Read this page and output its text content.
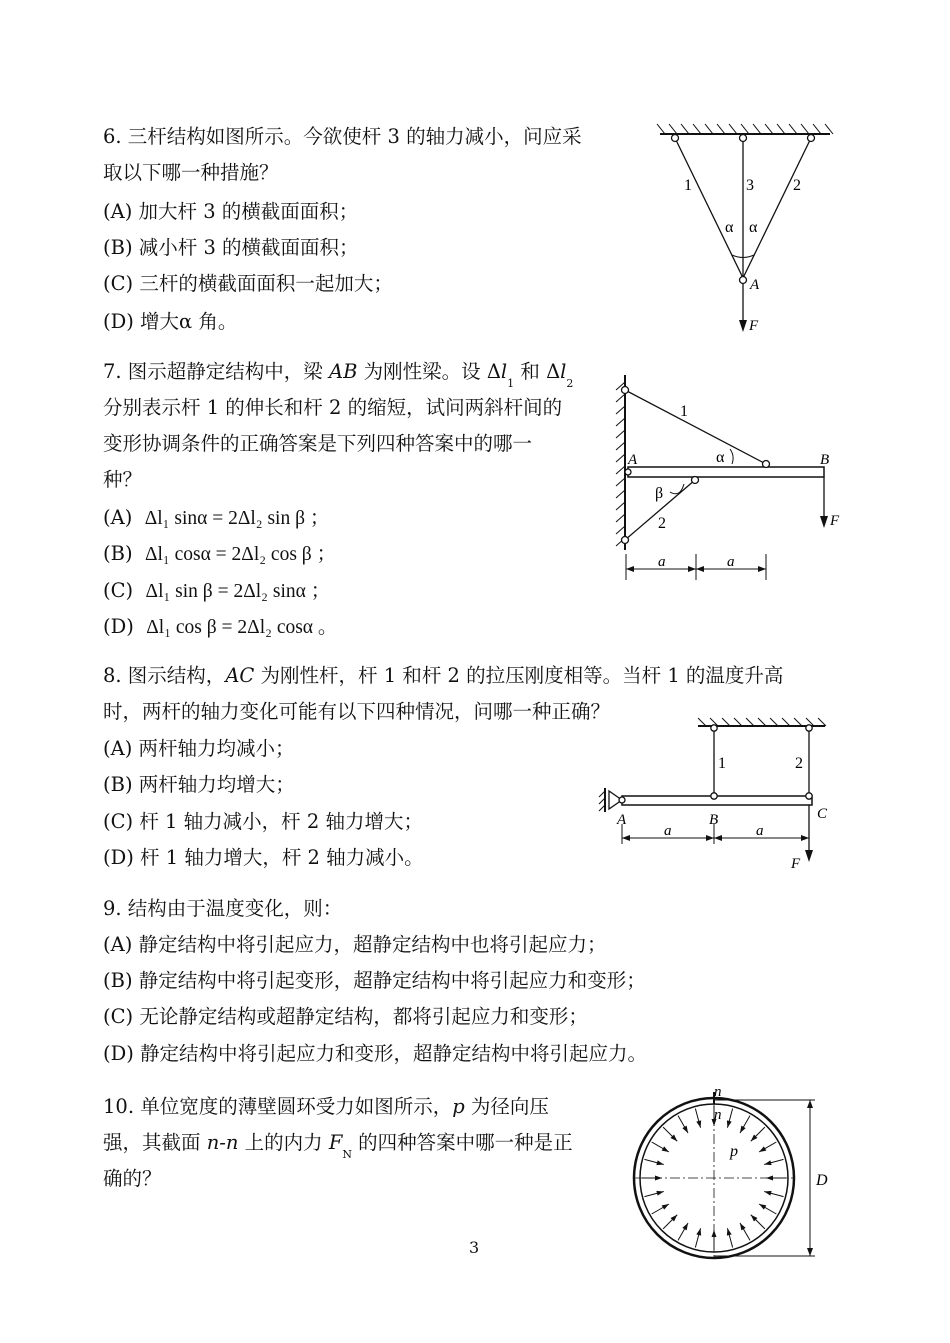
6. 三杆结构如图所示。今欲使杆 3 的轴力减小，问应采
取以下哪一种措施？
(A) 加大杆 3 的横截面面积；
(B) 减小杆 3 的横截面面积；
(C) 三杆的横截面面积一起加大；
(D) 增大α 角。
1	3 2
α α
A
F
7. 图示超静定结构中，梁 AB 为刚性梁。设 $\Delta l_1$ 和 $\Delta l_2$
分别表示杆 1 的伸长和杆 2 的缩短，试问两斜杆间的
变形协调条件的正确答案是下列四种答案中的哪一
种？
(A) Δl₁ sinα = 2Δl₂ sin β ；
(B) Δl₁ cosα = 2Δl₂ cos β ；
(C) Δl₁ sin β = 2Δl₂ sinα ；
(D) Δl₁ cos β = 2Δl₂ cosα 。
1
2
α
β
A	B
F
a	a
8. 图示结构，AC 为刚性杆，杆 1 和杆 2 的拉压刚度相等。当杆 1 的温度升高
时，两杆的轴力变化可能有以下四种情况，问哪一种正确？
(A) 两杆轴力均减小；
(B) 两杆轴力均增大；
(C) 杆 1 轴力减小，杆 2 轴力增大；
(D) 杆 1 轴力增大，杆 2 轴力减小。
1	2
A	B	C
F
a	a
9. 结构由于温度变化，则：
(A) 静定结构中将引起应力，超静定结构中也将引起应力；
(B) 静定结构中将引起变形，超静定结构中将引起应力和变形；
(C) 无论静定结构或超静定结构，都将引起应力和变形；
(D) 静定结构中将引起应力和变形，超静定结构中将引起应力。
10. 单位宽度的薄壁圆环受力如图所示，p 为径向压
强，其截面 n-n 上的内力 $F_N$ 的四种答案中哪一种是正
确的？
n
n
p
D
3
